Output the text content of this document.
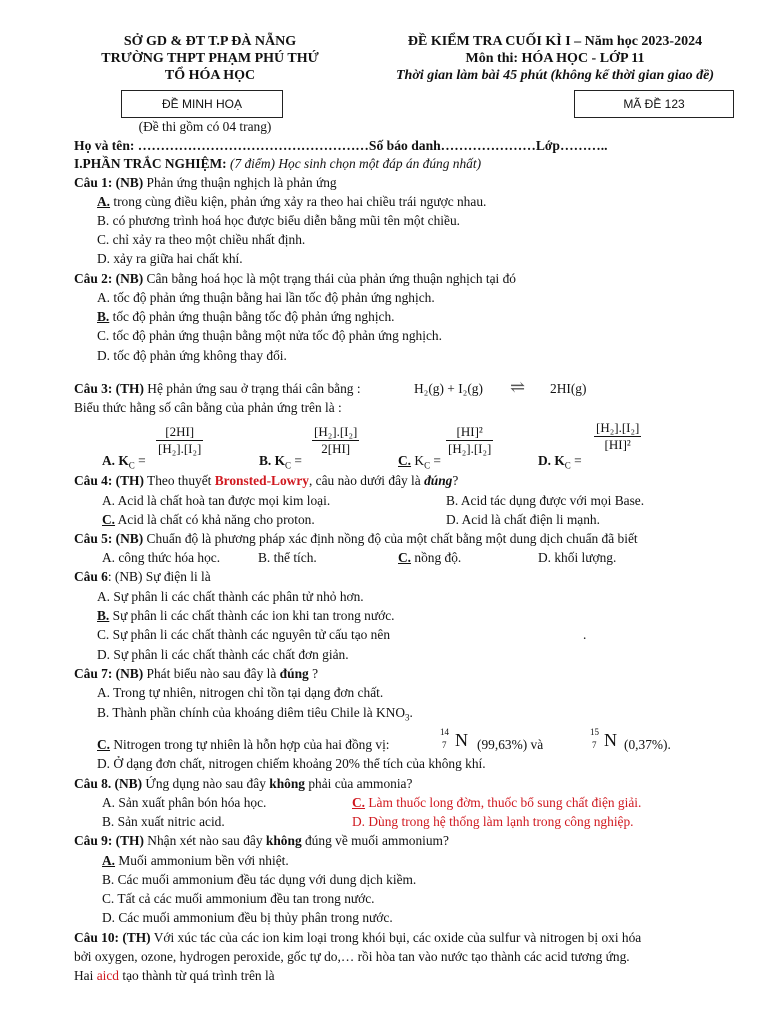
SỞ GD & ĐT T.P ĐÀ NẴNG
TRƯỜNG THPT PHẠM PHÚ THỨ
TỔ HÓA HỌC
ĐỀ KIỂM TRA CUỐI KÌ I – Năm học 2023-2024
Môn thi: HÓA HỌC - LỚP 11
Thời gian làm bài 45 phút (không kể thời gian giao đề)
ĐỀ MINH HOẠ	MÃ ĐỀ 123
(Đề thi gồm có 04 trang)
Họ và tên: ……………………………………………Số báo danh…………………Lớp………..
I.PHẦN TRẮC NGHIỆM: (7 điểm) Học sinh chọn một đáp án đúng nhất)
Câu 1: (NB) Phản ứng thuận nghịch là phản ứng
A. trong cùng điều kiện, phản ứng xảy ra theo hai chiều trái ngược nhau.
B. có phương trình hoá học được biểu diễn bằng mũi tên một chiều.
C. chỉ xảy ra theo một chiều nhất định.
D. xảy ra giữa hai chất khí.
Câu 2: (NB) Cân bằng hoá học là một trạng thái của phản ứng thuận nghịch tại đó
A. tốc độ phản ứng thuận bằng hai lần tốc độ phản ứng nghịch.
B. tốc độ phản ứng thuận bằng tốc độ phản ứng nghịch.
C. tốc độ phản ứng thuận bằng một nửa tốc độ phản ứng nghịch.
D. tốc độ phản ứng không thay đổi.
Câu 3: (TH) Hệ phản ứng sau ở trạng thái cân bằng :	H₂(g) + I₂(g) ⇌ 2HI(g)
Biểu thức hằng số cân bằng của phản ứng trên là :
A. $K_C$ =
$\frac{[2HI]}{\text{[H₂].[I₂]}}$
B. $K_C$ =
$\frac{\text{[H₂].[I₂]}}{2[HI]}$
C. $K_C$ =
$\frac{\text{[HI]²}}{\text{[H₂].[I₂]}}$
D. $K_C$ =
$\frac{\text{[H₂].[I₂]}}{\text{[HI]²}}$
Câu 4: (TH) Theo thuyết Bronsted-Lowry, câu nào dưới đây là đúng?
A. Acid là chất hoà tan được mọi kim loại.	B. Acid tác dụng được với mọi Base.
C. Acid là chất có khả năng cho proton.	D. Acid là chất điện li mạnh.
Câu 5: (NB) Chuẩn độ là phương pháp xác định nồng độ của một chất bằng một dung dịch chuẩn đã biết
A. công thức hóa học.	B. thể tích.	C. nồng độ.	D. khối lượng.
Câu 6: (NB) Sự điện li là
A. Sự phân li các chất thành các phân tử nhỏ hơn.
B. Sự phân li các chất thành các ion khi tan trong nước.
C. Sự phân li các chất thành các nguyên tử cấu tạo nên	.
D. Sự phân li các chất thành các chất đơn giản.
Câu 7: (NB) Phát biểu nào sau đây là đúng ?
A. Trong tự nhiên, nitrogen chỉ tồn tại dạng đơn chất.
B. Thành phần chính của khoáng diêm tiêu Chile là $KNO_3$.
C. Nitrogen trong tự nhiên là hỗn hợp của hai đồng vị:
14
7 N (99,63%) và
15
7 N (0,37%).
D. Ở dạng đơn chất, nitrogen chiếm khoảng 20% thể tích của không khí.
Câu 8. (NB) Ứng dụng nào sau đây không phải của ammonia?
A. Sản xuất phân bón hóa học.	C. Làm thuốc long đờm, thuốc bổ sung chất điện giải.
B. Sản xuất nitric acid.	D. Dùng trong hệ thống làm lạnh trong công nghiệp.
Câu 9: (TH) Nhận xét nào sau đây không đúng về muối ammonium?
A. Muối ammonium bền với nhiệt.
B. Các muối ammonium đều tác dụng với dung dịch kiềm.
C. Tất cả các muối ammonium đều tan trong nước.
D. Các muối ammonium đều bị thủy phân trong nước.
Câu 10: (TH) Với xúc tác của các ion kim loại trong khói bụi, các oxide của sulfur và nitrogen bị oxi hóa
bởi oxygen, ozone, hydrogen peroxide, gốc tự do,… rồi hòa tan vào nước tạo thành các acid tương ứng.
Hai aicd tạo thành từ quá trình trên là
